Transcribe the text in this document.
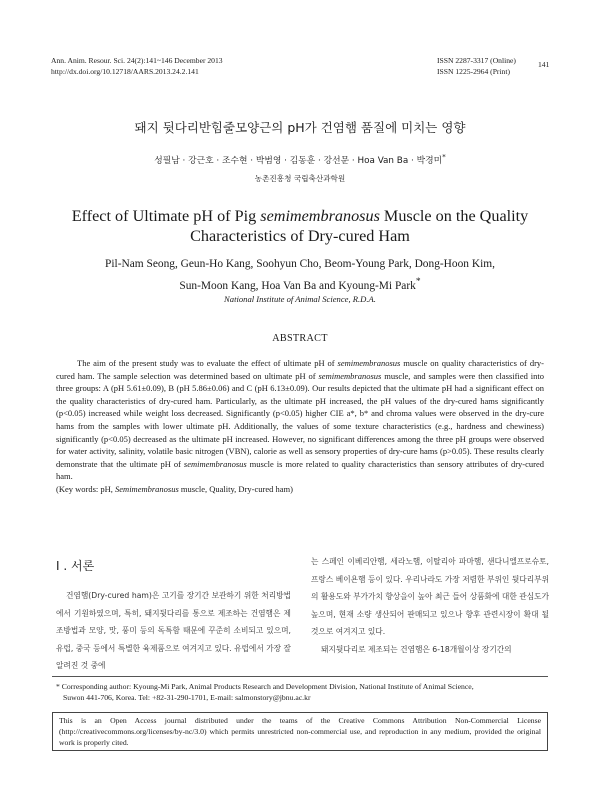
Ann. Anim. Resour. Sci. 24(2):141~146 December 2013
http://dx.doi.org/10.12718/AARS.2013.24.2.141
ISSN 2287-3317 (Online)
ISSN 1225-2964 (Print)
141
돼지 뒷다리반힘줄모양근의 pH가 건염햄 품질에 미치는 영향
성필남 · 강근호 · 조수현 · 박범영 · 김동훈 · 강선문 · Hoa Van Ba · 박경미*
농촌진흥청 국립축산과학원
Effect of Ultimate pH of Pig semimembranosus Muscle on the Quality
Characteristics of Dry-cured Ham
Pil-Nam Seong, Geun-Ho Kang, Soohyun Cho, Beom-Young Park, Dong-Hoon Kim,
Sun-Moon Kang, Hoa Van Ba and Kyoung-Mi Park*
National Institute of Animal Science, R.D.A.
ABSTRACT

The aim of the present study was to evaluate the effect of ultimate pH of semimembranosus muscle on quality characteristics of dry-cured ham. The sample selection was determined based on ultimate pH of semimembranosus muscle, and samples were then classified into three groups: A (pH 5.61±0.09), B (pH 5.86±0.06) and C (pH 6.13±0.09). Our results depicted that the ultimate pH had a significant effect on the quality characteristics of dry-cured ham. Particularly, as the ultimate pH increased, the pH values of the dry-cured hams significantly (p<0.05) increased while weight loss decreased. Significantly (p<0.05) higher CIE a*, b* and chroma values were observed in the dry-cure hams from the samples with lower ultimate pH. Additionally, the values of some texture characteristics (e.g., hardness and chewiness) significantly (p<0.05) decreased as the ultimate pH increased. However, no significant differences among the three pH groups were observed for water activity, salinity, volatile basic nitrogen (VBN), calorie as well as sensory properties of dry-cure hams (p>0.05). These results clearly demonstrate that the ultimate pH of semimembranosus muscle is more related to quality characteristics than sensory attributes of dry-cured ham.

(Key words: pH, Semimembranosus muscle, Quality, Dry-cured ham)

I . 서론

건염햄(Dry-cured ham)은 고기를 장기간 보관하기 위한 처리방법에서 기원하였으며, 특히, 돼지뒷다리를 통으로 제조하는 건염햄은 제조방법과 모양, 맛, 풍미 등의 독특함 때문에 꾸준히 소비되고 있으며, 유럽, 중국 등에서 특별한 육제품으로 여겨지고 있다. 유럽에서 가장 잘 알려진 것 중에

는 스페인 이베리안햄, 세라노햄, 이탈리아 파마햄, 샌다니엘프로슈토, 프랑스 베이욘햄 등이 있다. 우리나라도 가장 저렴한 부위인 뒷다리부위의 활용도와 부가가치 향상을이 높아 최근 들어 상품화에 대한 관심도가 높으며, 현재 소량 생산되어 판매되고 있으나 향후 관련시장이 확대 될 것으로 여겨지고 있다.

돼지뒷다리로 제조되는 건염햄은 6-18개월이상 장기간의

* Corresponding author: Kyoung-Mi Park, Animal Products Research and Development Division, National Institute of Animal Science,
Suwon 441-706, Korea. Tel: +82-31-290-1701, E-mail: salmonstory@jbnu.ac.kr
This is an Open Access journal distributed under the teams of the Creative Commons Attribution Non-Commercial License (http://creativecommons.org/licenses/by-nc/3.0) which permits unrestricted non-commercial use, and reproduction in any medium, provided the original work is properly cited.
